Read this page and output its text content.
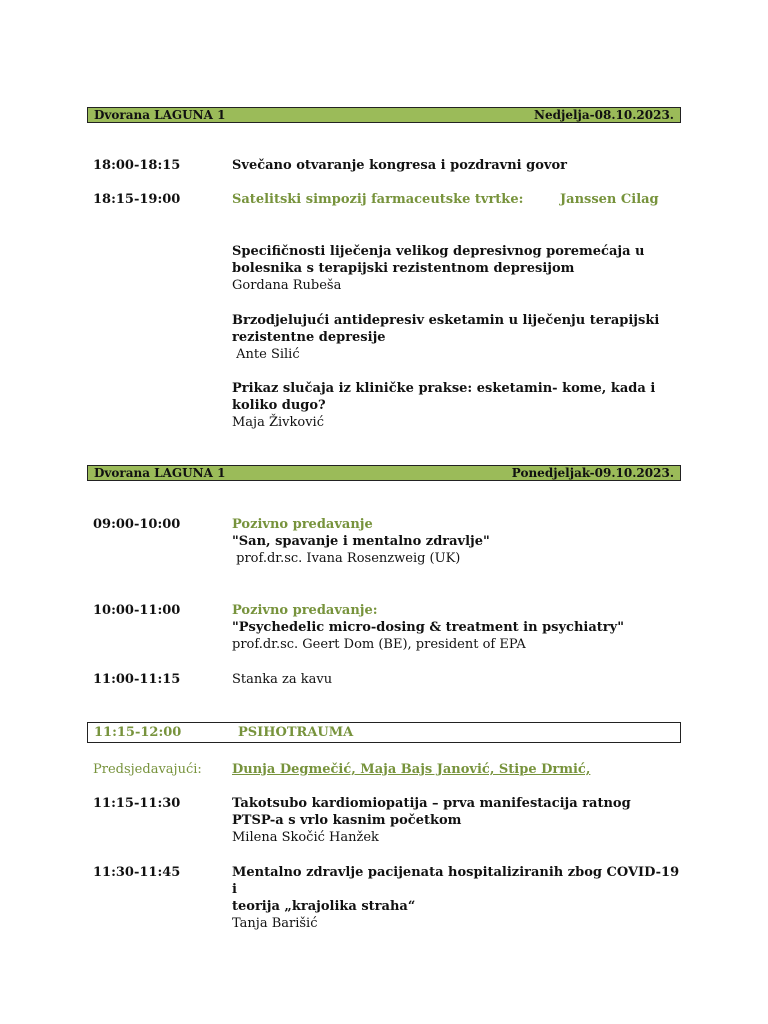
Dvorana LAGUNA 1	Nedjelja-08.10.2023.
18:00-18:15	Svečano otvaranje kongresa i pozdravni govor
18:15-19:00	Satelitski simpozij farmaceutske tvrtke:	Janssen Cilag
Specifičnosti liječenja velikog depresivnog poremećaja u
bolesnika s terapijski rezistentnom depresijom
Gordana Rubeša
Brzodjelujući antidepresiv esketamin u liječenju terapijski
rezistentne depresije
Ante Silić
Prikaz slučaja iz kliničke prakse: esketamin- kome, kada i
koliko dugo?
Maja Živković
Dvorana LAGUNA 1	Ponedjeljak-09.10.2023.
09:00-10:00	Pozivno predavanje
"San, spavanje i mentalno zdravlje"
prof.dr.sc. Ivana Rosenzweig (UK)
10:00-11:00	Pozivno predavanje:
"Psychedelic micro-dosing & treatment in psychiatry"
prof.dr.sc. Geert Dom (BE), president of EPA
11:00-11:15	Stanka za kavu
11:15-12:00	PSIHOTRAUMA
Predsjedavajući: Dunja Degmečić, Maja Bajs Janović, Stipe Drmić,
11:15-11:30	Takotsubo kardiomiopatija – prva manifestacija ratnog
PTSP-a s vrlo kasnim početkom
Milena Skočić Hanžek
11:30-11:45	Mentalno zdravlje pacijenata hospitaliziranih zbog COVID-19 i
teorija „krajolika straha“
Tanja Barišić
